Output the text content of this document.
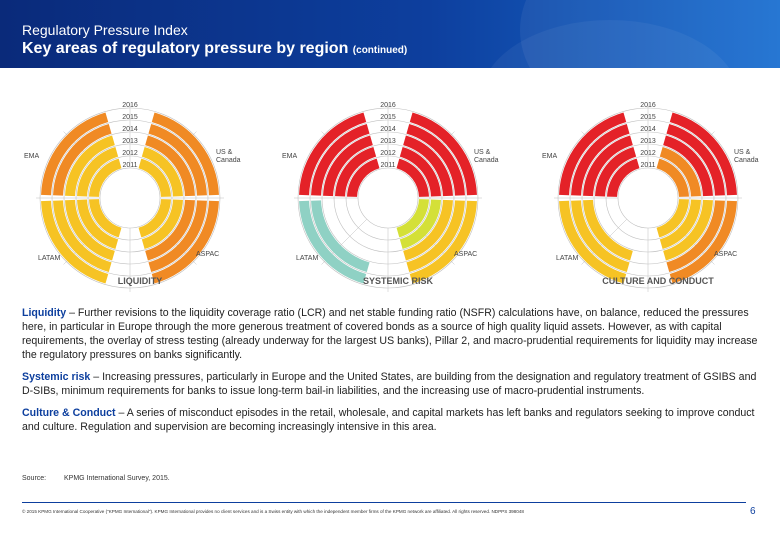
Regulatory Pressure Index
Key areas of regulatory pressure by region (continued)
2016
2015
2014
2013
2012
2011
US & Canada
ASPAC
LATAM
EMA
LIQUIDITY
2016
2015
2014
2013
2012
2011
US & Canada
ASPAC
LATAM
EMA
SYSTEMIC RISK
2016
2015
2014
2013
2012
2011
US & Canada
ASPAC
LATAM
EMA
CULTURE AND CONDUCT

Liquidity – Further revisions to the liquidity coverage ratio (LCR) and net stable funding ratio (NSFR) calculations have, on balance, reduced the pressures here, in particular in Europe through the more generous treatment of covered bonds as a source of high quality liquid assets. However, as with capital requirements, the overlay of stress testing (already underway for the largest US banks), Pillar 2, and macro-prudential requirements for liquidity may increase the regulatory pressures on banks significantly.

Systemic risk – Increasing pressures, particularly in Europe and the United States, are building from the designation and regulatory treatment of GSIBS and D-SIBs, minimum requirements for banks to issue long-term bail-in liabilities, and the increasing use of macro-prudential instruments.

Culture & Conduct – A series of misconduct episodes in the retail, wholesale, and capital markets has left banks and regulators seeking to improve conduct and culture. Regulation and supervision are becoming increasingly intensive in this area.

Source:	KPMG International Survey, 2015.
© 2015 KPMG International Cooperative ("KPMG International"). KPMG International provides no client services and is a Swiss entity with which the independent member firms of the KPMG network are affiliated. All rights reserved. NDPPS 398048	6
